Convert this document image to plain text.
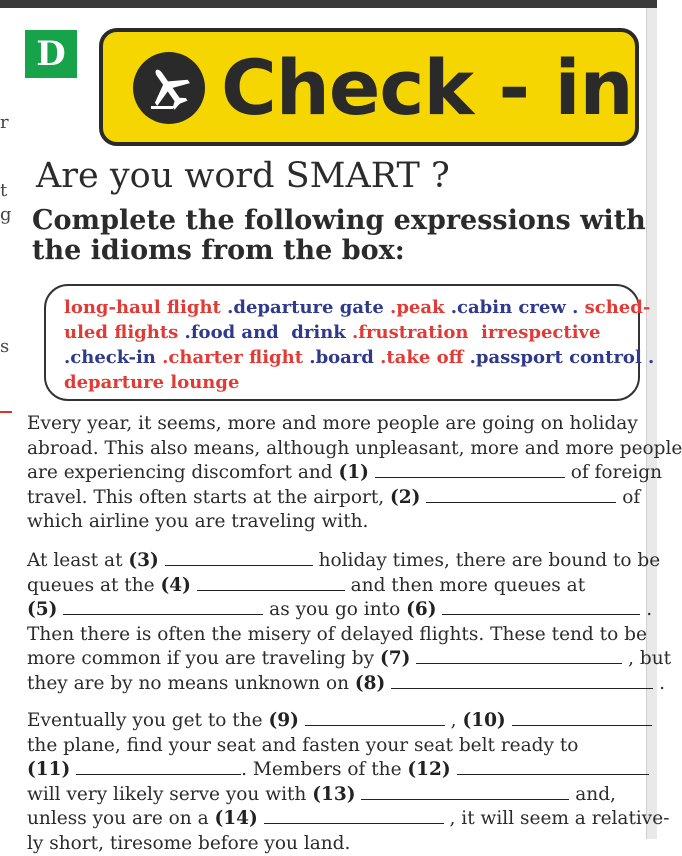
r
t
g
s
D Check - in
Are you word SMART ?
Complete the following expressions with the idioms from the box:
long-haul flight .departure gate .peak .cabin crew . sched-
uled flights .food and  drink .frustration  irrespective
.check-in .charter flight .board .take off .passport control .
departure lounge
Every year, it seems, more and more people are going on holiday
abroad. This also means, although unpleasant, more and more people
are experiencing discomfort and (1)	of foreign
travel. This often starts at the airport, (2)	of
which airline you are traveling with.
At least at (3)	holiday times, there are bound to be
queues at the (4)	and then more queues at
(5)	as you go into (6)	.
Then there is often the misery of delayed flights. These tend to be
more common if you are traveling by (7)	, but
they are by no means unknown on (8)	.
Eventually you get to the (9)	, (10)
the plane, find your seat and fasten your seat belt ready to
(11)	. Members of the (12)
will very likely serve you with (13)	and,
unless you are on a (14)	, it will seem a relative-
ly short, tiresome before you land.
